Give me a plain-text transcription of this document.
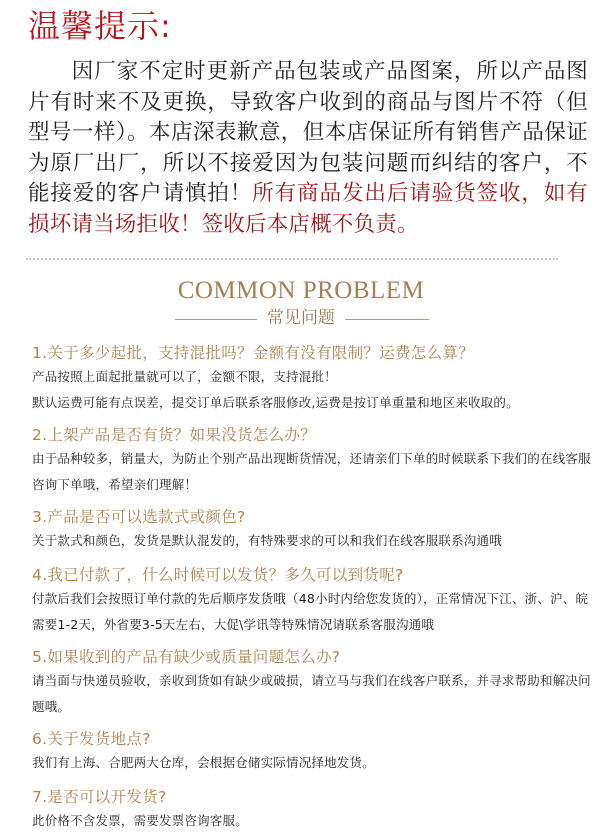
温馨提示:

因厂家不定时更新产品包装或产品图案，所以产品图片有时来不及更换，导致客户收到的商品与图片不符（但型号一样）。本店深表歉意，但本店保证所有销售产品保证为原厂出厂，所以不接爱因为包装问题而纠结的客户，不能接爱的客户请慎拍！所有商品发出后请验货签收，如有损坏请当场拒收！签收后本店概不负责。

COMMON PROBLEM
常见问题

1.关于多少起批，支持混批吗？金额有没有限制？运费怎么算？

产品按照上面起批量就可以了，金额不限，支持混批！

默认运费可能有点误差，提交订单后联系客服修改,运费是按订单重量和地区来收取的。

2.上架产品是否有货？如果没货怎么办？

由于品种较多，销量大，为防止个别产品出现断货情况，还请亲们下单的时候联系下我们的在线客服咨询下单哦，希望亲们理解！

3.产品是否可以选款式或颜色?

关于款式和颜色，发货是默认混发的，有特殊要求的可以和我们在线客服联系沟通哦

4.我已付款了，什么时候可以发货？多久可以到货呢?

付款后我们会按照订单付款的先后顺序发货哦（48小时内给您发货的），正常情况下江、浙、沪、皖需要1-2天，外省要3-5天左右，大促\学讯等特殊情况请联系客服沟通哦

5.如果收到的产品有缺少或质量问题怎么办?

请当面与快递员验收，亲收到货如有缺少或破损，请立马与我们在线客户联系，并寻求帮助和解决问题哦。

6.关于发货地点?

我们有上海、合肥两大仓库，会根据仓储实际情况择地发货。

7.是否可以开发货?

此价格不含发票，需要发票咨询客服。
